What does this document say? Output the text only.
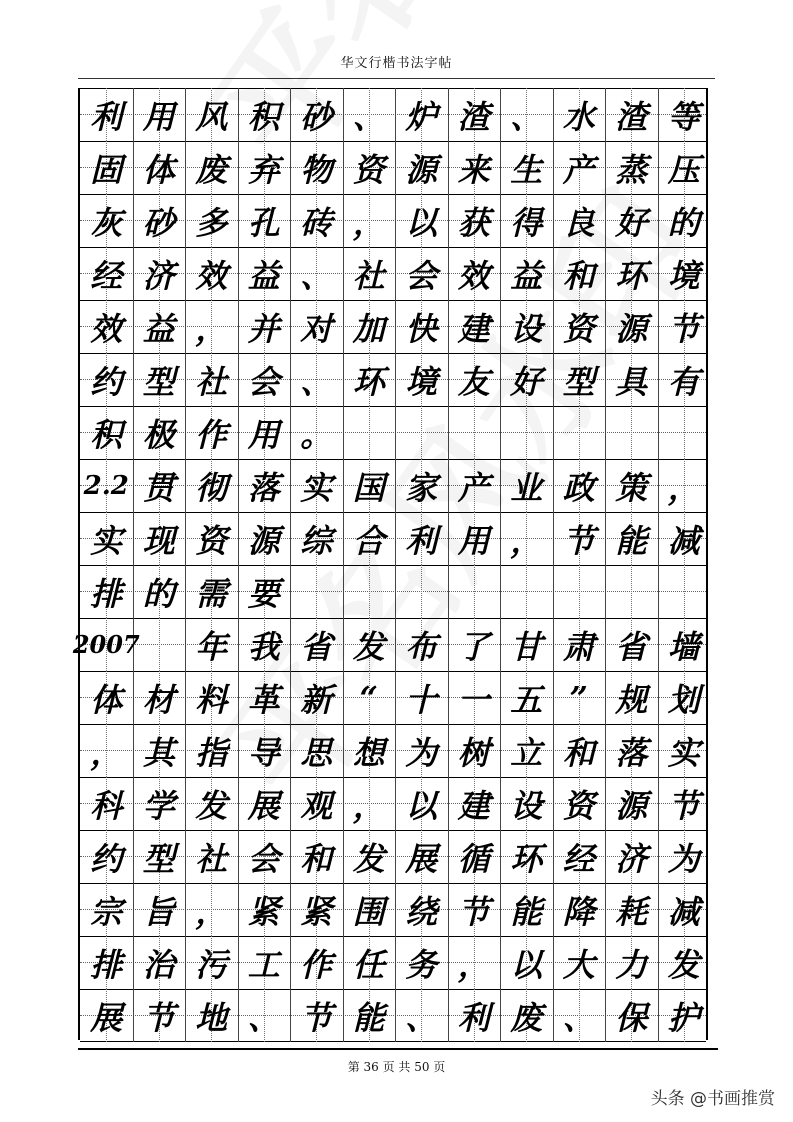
华文行楷书法字帖
利 用 风 积 砂 、 炉 渣 、 水 渣 等
固 体 废 弃 物 资 源 来 生 产 蒸 压
灰 砂 多 孔 砖 ， 以 获 得 良 好 的
经 济 效 益 、 社 会 效 益 和 环 境
效 益 ， 并 对 加 快 建 设 资 源 节
约 型 社 会 、 环 境 友 好 型 具 有
积 极 作 用 。
2.2 贯 彻 落 实 国 家 产 业 政 策 ，
实 现 资 源 综 合 利 用 ， 节 能 减
排 的 需 要
2007 年 我 省 发 布 了 甘 肃 省 墙
体 材 料 革 新 “ 十 一 五 ” 规 划
， 其 指 导 思 想 为 树 立 和 落 实
科 学 发 展 观 ， 以 建 设 资 源 节
约 型 社 会 和 发 展 循 环 经 济 为
宗 旨 ， 紧 紧 围 绕 节 能 降 耗 减
排 治 污 工 作 任 务 ， 以 大 力 发
展 节 地 、 节 能 、 利 废 、 保 护
第 36 页 共 50 页
头条 @书画推赏
